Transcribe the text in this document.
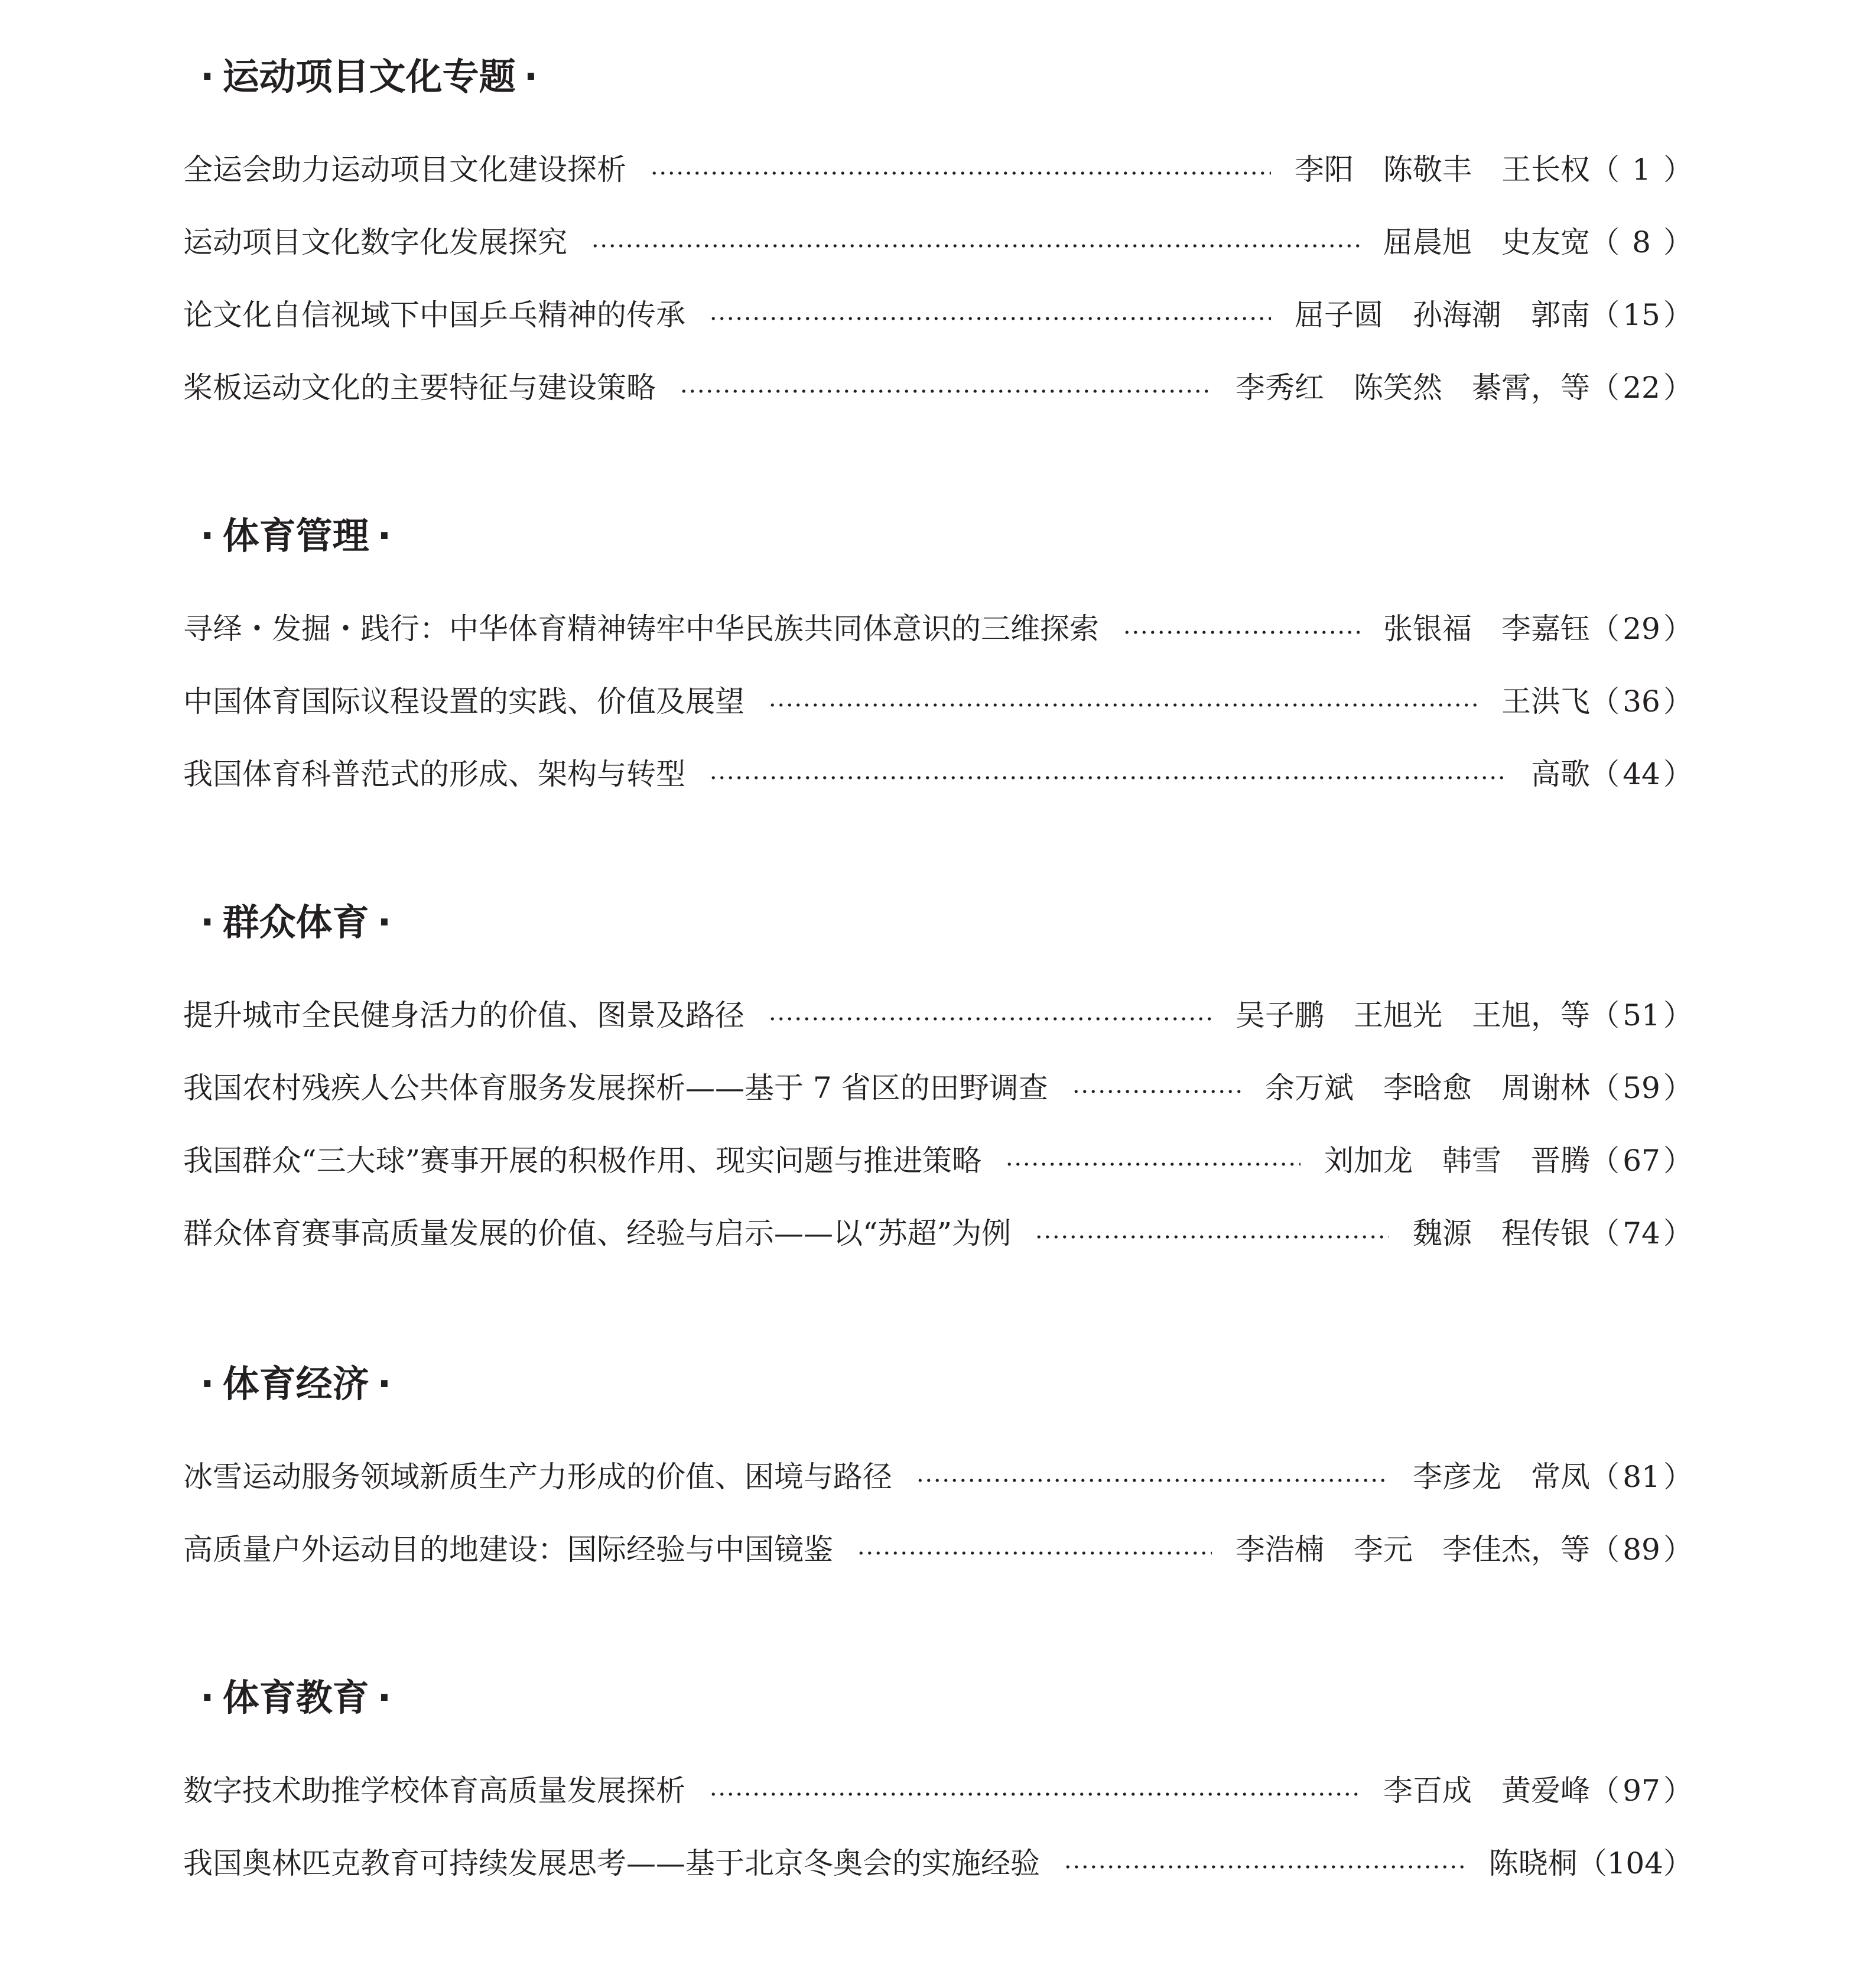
· 运动项目文化专题 ·
全运会助力运动项目文化建设探析	李阳　陈敬丰　王长权 （ 1 ）
运动项目文化数字化发展探究	屈晨旭　史友宽 （ 8 ）
论文化自信视域下中国乒乓精神的传承	屈子圆　孙海潮　郭南 （ 15 ）
桨板运动文化的主要特征与建设策略	李秀红　陈笑然　綦霄，等 （ 22 ）
· 体育管理 ·
寻绎・发掘・践行：中华体育精神铸牢中华民族共同体意识的三维探索	张银福　李嘉钰 （ 29 ）
中国体育国际议程设置的实践、价值及展望	王洪飞 （ 36 ）
我国体育科普范式的形成、架构与转型	高歌 （ 44 ）
· 群众体育 ·
提升城市全民健身活力的价值、图景及路径	吴子鹏　王旭光　王旭，等 （ 51 ）
我国农村残疾人公共体育服务发展探析——基于 7 省区的田野调查	余万斌　李晗愈　周谢林 （ 59 ）
我国群众“三大球”赛事开展的积极作用、现实问题与推进策略	刘加龙　韩雪　晋腾 （ 67 ）
群众体育赛事高质量发展的价值、经验与启示——以“苏超”为例	魏源　程传银 （ 74 ）
· 体育经济 ·
冰雪运动服务领域新质生产力形成的价值、困境与路径	李彦龙　常凤 （ 81 ）
高质量户外运动目的地建设：国际经验与中国镜鉴	李浩楠　李元　李佳杰，等 （ 89 ）
· 体育教育 ·
数字技术助推学校体育高质量发展探析	李百成　黄爱峰 （ 97 ）
我国奥林匹克教育可持续发展思考——基于北京冬奥会的实施经验	陈晓桐 （104）
